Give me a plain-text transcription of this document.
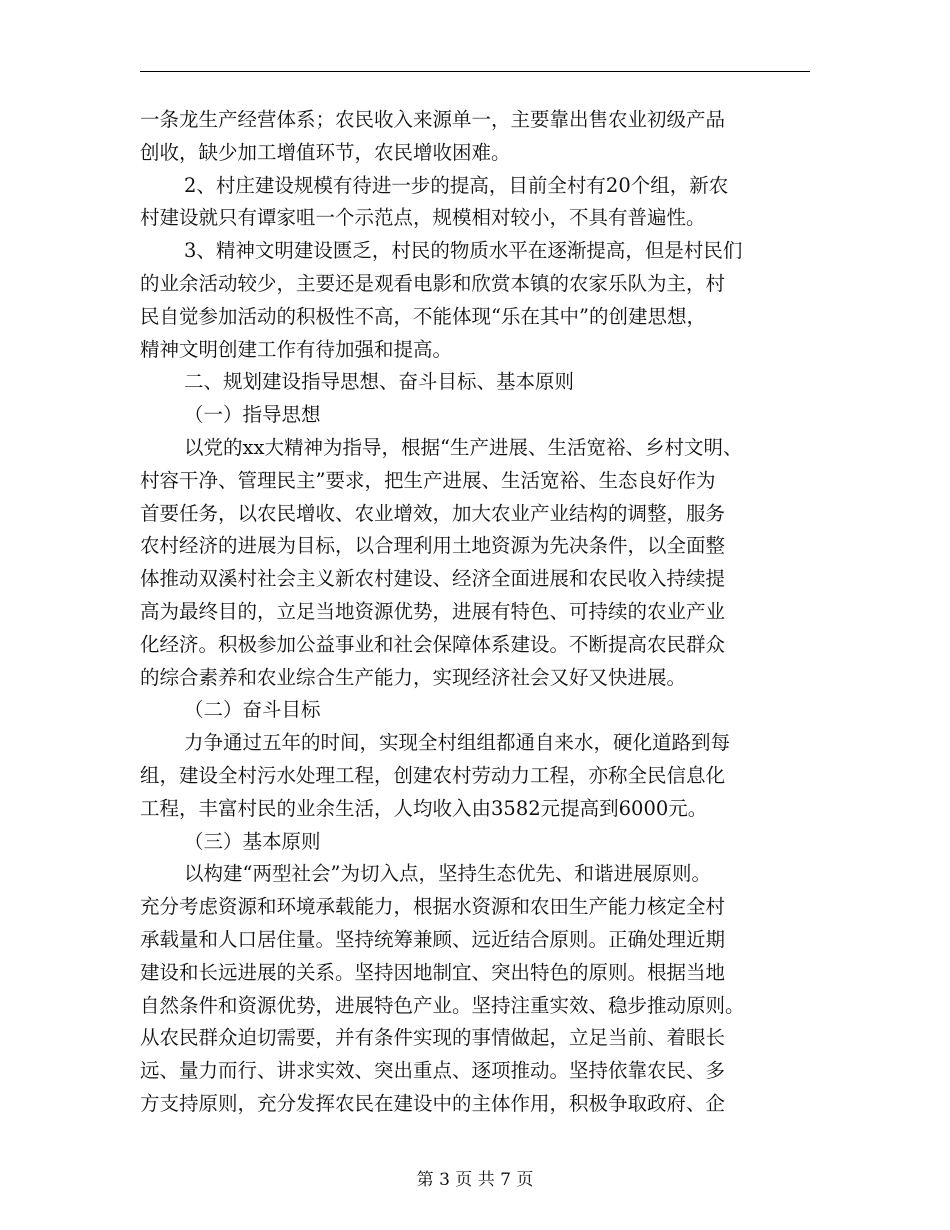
一条龙生产经营体系；农民收入来源单一，主要靠出售农业初级产品
创收，缺少加工增值环节，农民增收困难。
2、村庄建设规模有待进一步的提高，目前全村有20个组，新农
村建设就只有谭家咀一个示范点，规模相对较小，不具有普遍性。
3、精神文明建设匮乏，村民的物质水平在逐渐提高，但是村民们
的业余活动较少，主要还是观看电影和欣赏本镇的农家乐队为主，村
民自觉参加活动的积极性不高，不能体现“乐在其中”的创建思想，
精神文明创建工作有待加强和提高。
二、规划建设指导思想、奋斗目标、基本原则
（一）指导思想
以党的xx大精神为指导，根据“生产进展、生活宽裕、乡村文明、
村容干净、管理民主”要求，把生产进展、生活宽裕、生态良好作为
首要任务，以农民增收、农业增效，加大农业产业结构的调整，服务
农村经济的进展为目标，以合理利用土地资源为先决条件，以全面整
体推动双溪村社会主义新农村建设、经济全面进展和农民收入持续提
高为最终目的，立足当地资源优势，进展有特色、可持续的农业产业
化经济。积极参加公益事业和社会保障体系建设。不断提高农民群众
的综合素养和农业综合生产能力，实现经济社会又好又快进展。
（二）奋斗目标
力争通过五年的时间，实现全村组组都通自来水，硬化道路到每
组，建设全村污水处理工程，创建农村劳动力工程，亦称全民信息化
工程，丰富村民的业余生活，人均收入由3582元提高到6000元。
（三）基本原则
以构建“两型社会”为切入点，坚持生态优先、和谐进展原则。
充分考虑资源和环境承载能力，根据水资源和农田生产能力核定全村
承载量和人口居住量。坚持统筹兼顾、远近结合原则。正确处理近期
建设和长远进展的关系。坚持因地制宜、突出特色的原则。根据当地
自然条件和资源优势，进展特色产业。坚持注重实效、稳步推动原则。
从农民群众迫切需要，并有条件实现的事情做起，立足当前、着眼长
远、量力而行、讲求实效、突出重点、逐项推动。坚持依靠农民、多
方支持原则，充分发挥农民在建设中的主体作用，积极争取政府、企
第 3 页 共 7 页
